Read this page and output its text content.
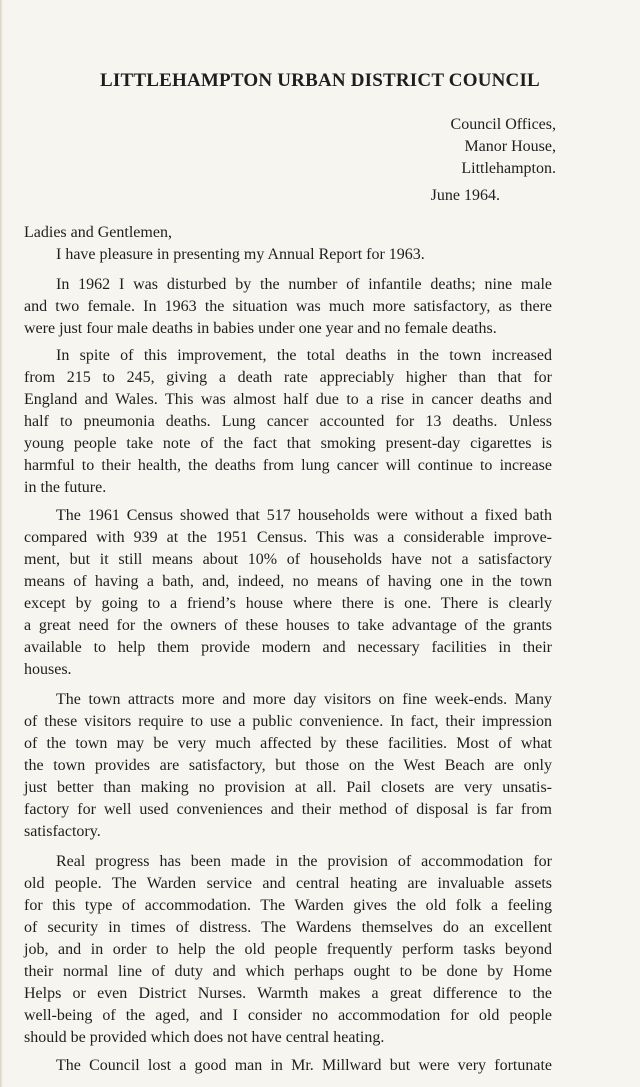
LITTLEHAMPTON URBAN DISTRICT COUNCIL
Council Offices,
Manor House,
Littlehampton.
June 1964.
Ladies and Gentlemen,
I have pleasure in presenting my Annual Report for 1963.
In 1962 I was disturbed by the number of infantile deaths; nine male
and two female. In 1963 the situation was much more satisfactory, as there
were just four male deaths in babies under one year and no female deaths.
In spite of this improvement, the total deaths in the town increased
from 215 to 245, giving a death rate appreciably higher than that for
England and Wales. This was almost half due to a rise in cancer deaths and
half to pneumonia deaths. Lung cancer accounted for 13 deaths. Unless
young people take note of the fact that smoking present-day cigarettes is
harmful to their health, the deaths from lung cancer will continue to increase
in the future.
The 1961 Census showed that 517 households were without a fixed bath
compared with 939 at the 1951 Census. This was a considerable improve-
ment, but it still means about 10% of households have not a satisfactory
means of having a bath, and, indeed, no means of having one in the town
except by going to a friend’s house where there is one. There is clearly
a great need for the owners of these houses to take advantage of the grants
available to help them provide modern and necessary facilities in their
houses.
The town attracts more and more day visitors on fine week-ends. Many
of these visitors require to use a public convenience. In fact, their impression
of the town may be very much affected by these facilities. Most of what
the town provides are satisfactory, but those on the West Beach are only
just better than making no provision at all. Pail closets are very unsatis-
factory for well used conveniences and their method of disposal is far from
satisfactory.
Real progress has been made in the provision of accommodation for
old people. The Warden service and central heating are invaluable assets
for this type of accommodation. The Warden gives the old folk a feeling
of security in times of distress. The Wardens themselves do an excellent
job, and in order to help the old people frequently perform tasks beyond
their normal line of duty and which perhaps ought to be done by Home
Helps or even District Nurses. Warmth makes a great difference to the
well-being of the aged, and I consider no accommodation for old people
should be provided which does not have central heating.
The Council lost a good man in Mr. Millward but were very fortunate
